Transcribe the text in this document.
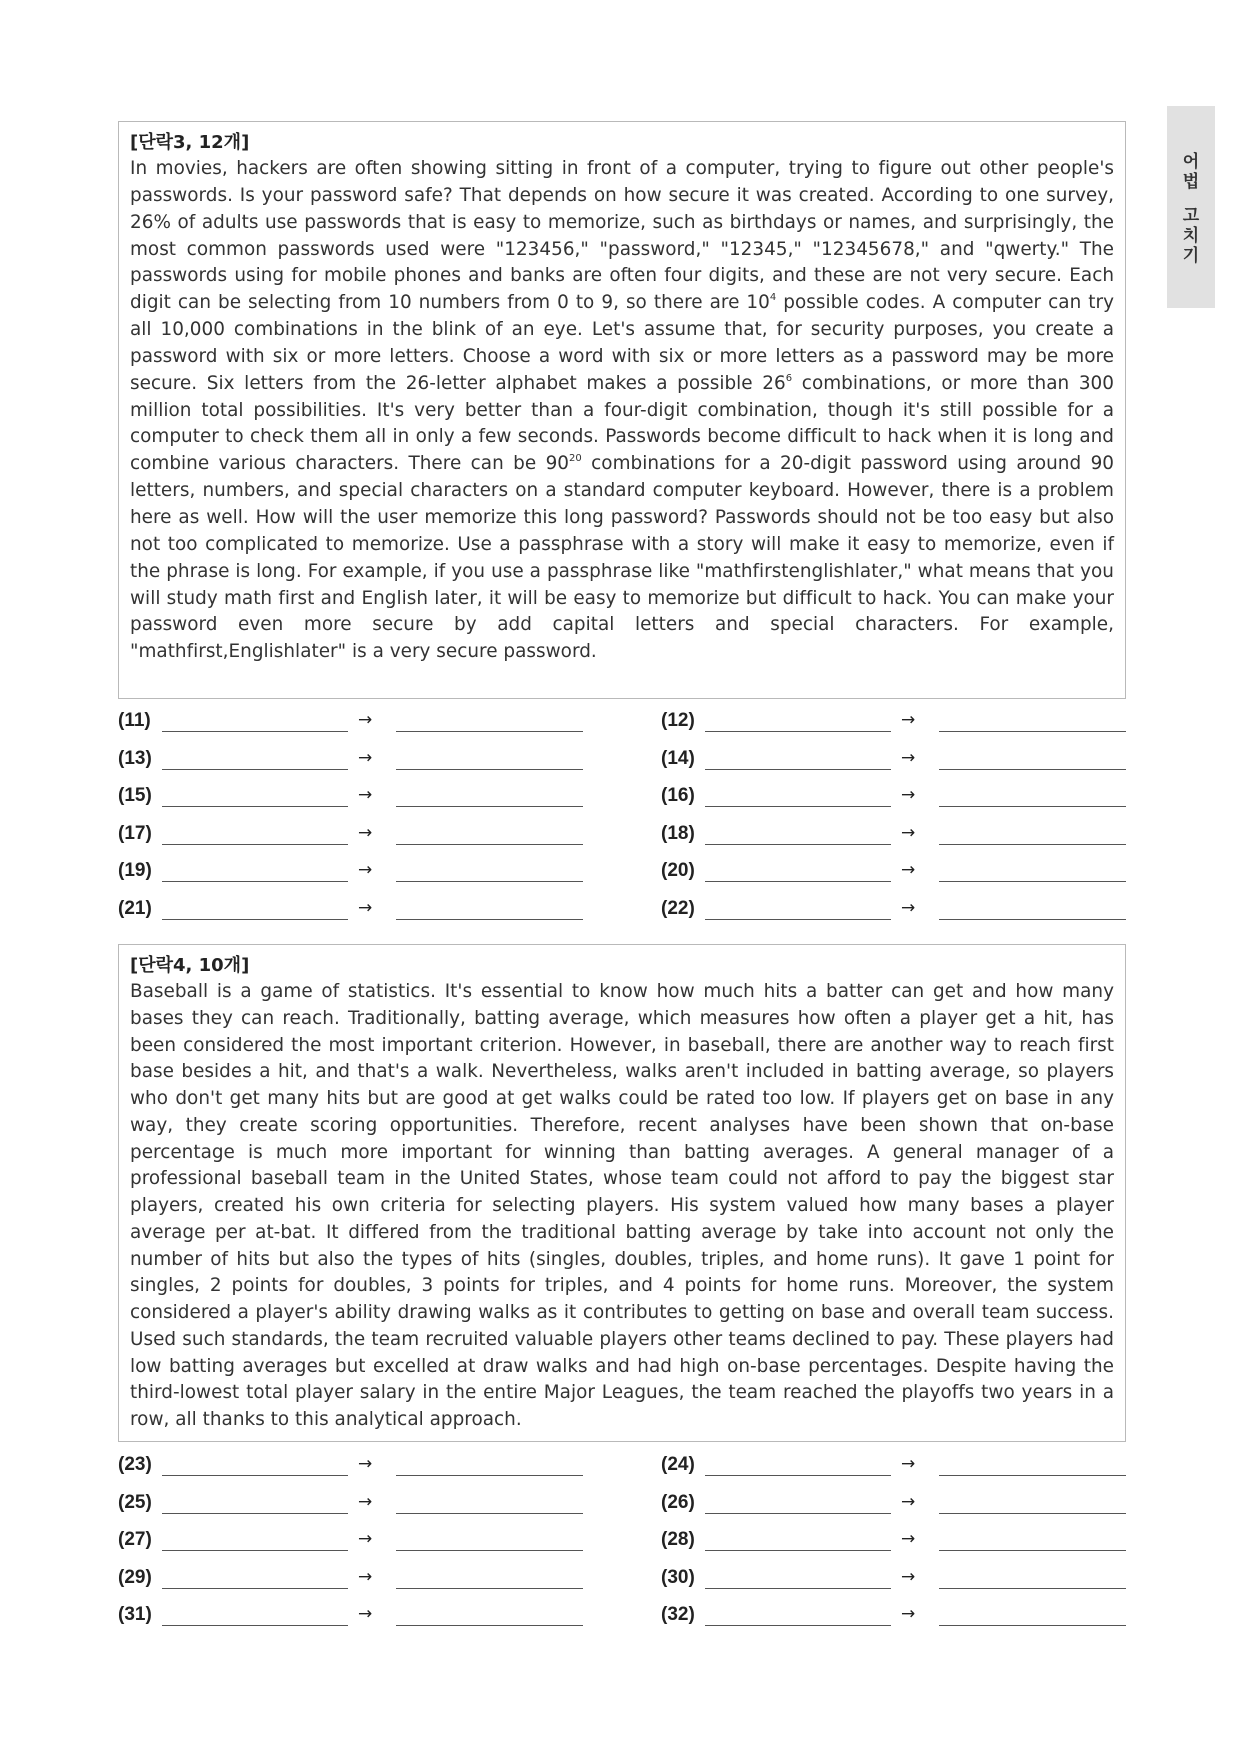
어
법
고
치
기
[단락3, 12개]
In movies, hackers are often showing sitting in front of a computer, trying to figure out other people's passwords. Is your password safe? That depends on how secure it was created. According to one survey, 26% of adults use passwords that is easy to memorize, such as birthdays or names, and surprisingly, the most common passwords used were "123456," "password," "12345," "12345678," and "qwerty." The passwords using for mobile phones and banks are often four digits, and these are not very secure. Each digit can be selecting from 10 numbers from 0 to 9, so there are $10^4$ possible codes. A computer can try all 10,000 combinations in the blink of an eye. Let's assume that, for security purposes, you create a password with six or more letters. Choose a word with six or more letters as a password may be more secure. Six letters from the 26-letter alphabet makes a possible $26^6$ combinations, or more than 300 million total possibilities. It's very better than a four-digit combination, though it's still possible for a computer to check them all in only a few seconds. Passwords become difficult to hack when it is long and combine various characters. There can be $90^{20}$ combinations for a 20-digit password using around 90 letters, numbers, and special characters on a standard computer keyboard. However, there is a problem here as well. How will the user memorize this long password? Passwords should not be too easy but also not too complicated to memorize. Use a passphrase with a story will make it easy to memorize, even if the phrase is long. For example, if you use a passphrase like "mathfirstenglishlater," what means that you will study math first and English later, it will be easy to memorize but difficult to hack. You can make your password even more secure by add capital letters and special characters. For example, "mathfirst,Englishlater" is a very secure password.
(11)	→	(12)	→
(13)	→	(14)	→
(15)	→	(16)	→
(17)	→	(18)	→
(19)	→	(20)	→
(21)	→	(22)	→
[단락4, 10개]
Baseball is a game of statistics. It's essential to know how much hits a batter can get and how many bases they can reach. Traditionally, batting average, which measures how often a player get a hit, has been considered the most important criterion. However, in baseball, there are another way to reach first base besides a hit, and that's a walk. Nevertheless, walks aren't included in batting average, so players who don't get many hits but are good at get walks could be rated too low. If players get on base in any way, they create scoring opportunities. Therefore, recent analyses have been shown that on-base percentage is much more important for winning than batting averages. A general manager of a professional baseball team in the United States, whose team could not afford to pay the biggest star players, created his own criteria for selecting players. His system valued how many bases a player average per at-bat. It differed from the traditional batting average by take into account not only the number of hits but also the types of hits (singles, doubles, triples, and home runs). It gave 1 point for singles, 2 points for doubles, 3 points for triples, and 4 points for home runs. Moreover, the system considered a player's ability drawing walks as it contributes to getting on base and overall team success. Used such standards, the team recruited valuable players other teams declined to pay. These players had low batting averages but excelled at draw walks and had high on-base percentages. Despite having the third-lowest total player salary in the entire Major Leagues, the team reached the playoffs two years in a row, all thanks to this analytical approach.
(23)	→	(24)	→
(25)	→	(26)	→
(27)	→	(28)	→
(29)	→	(30)	→
(31)	→	(32)	→
